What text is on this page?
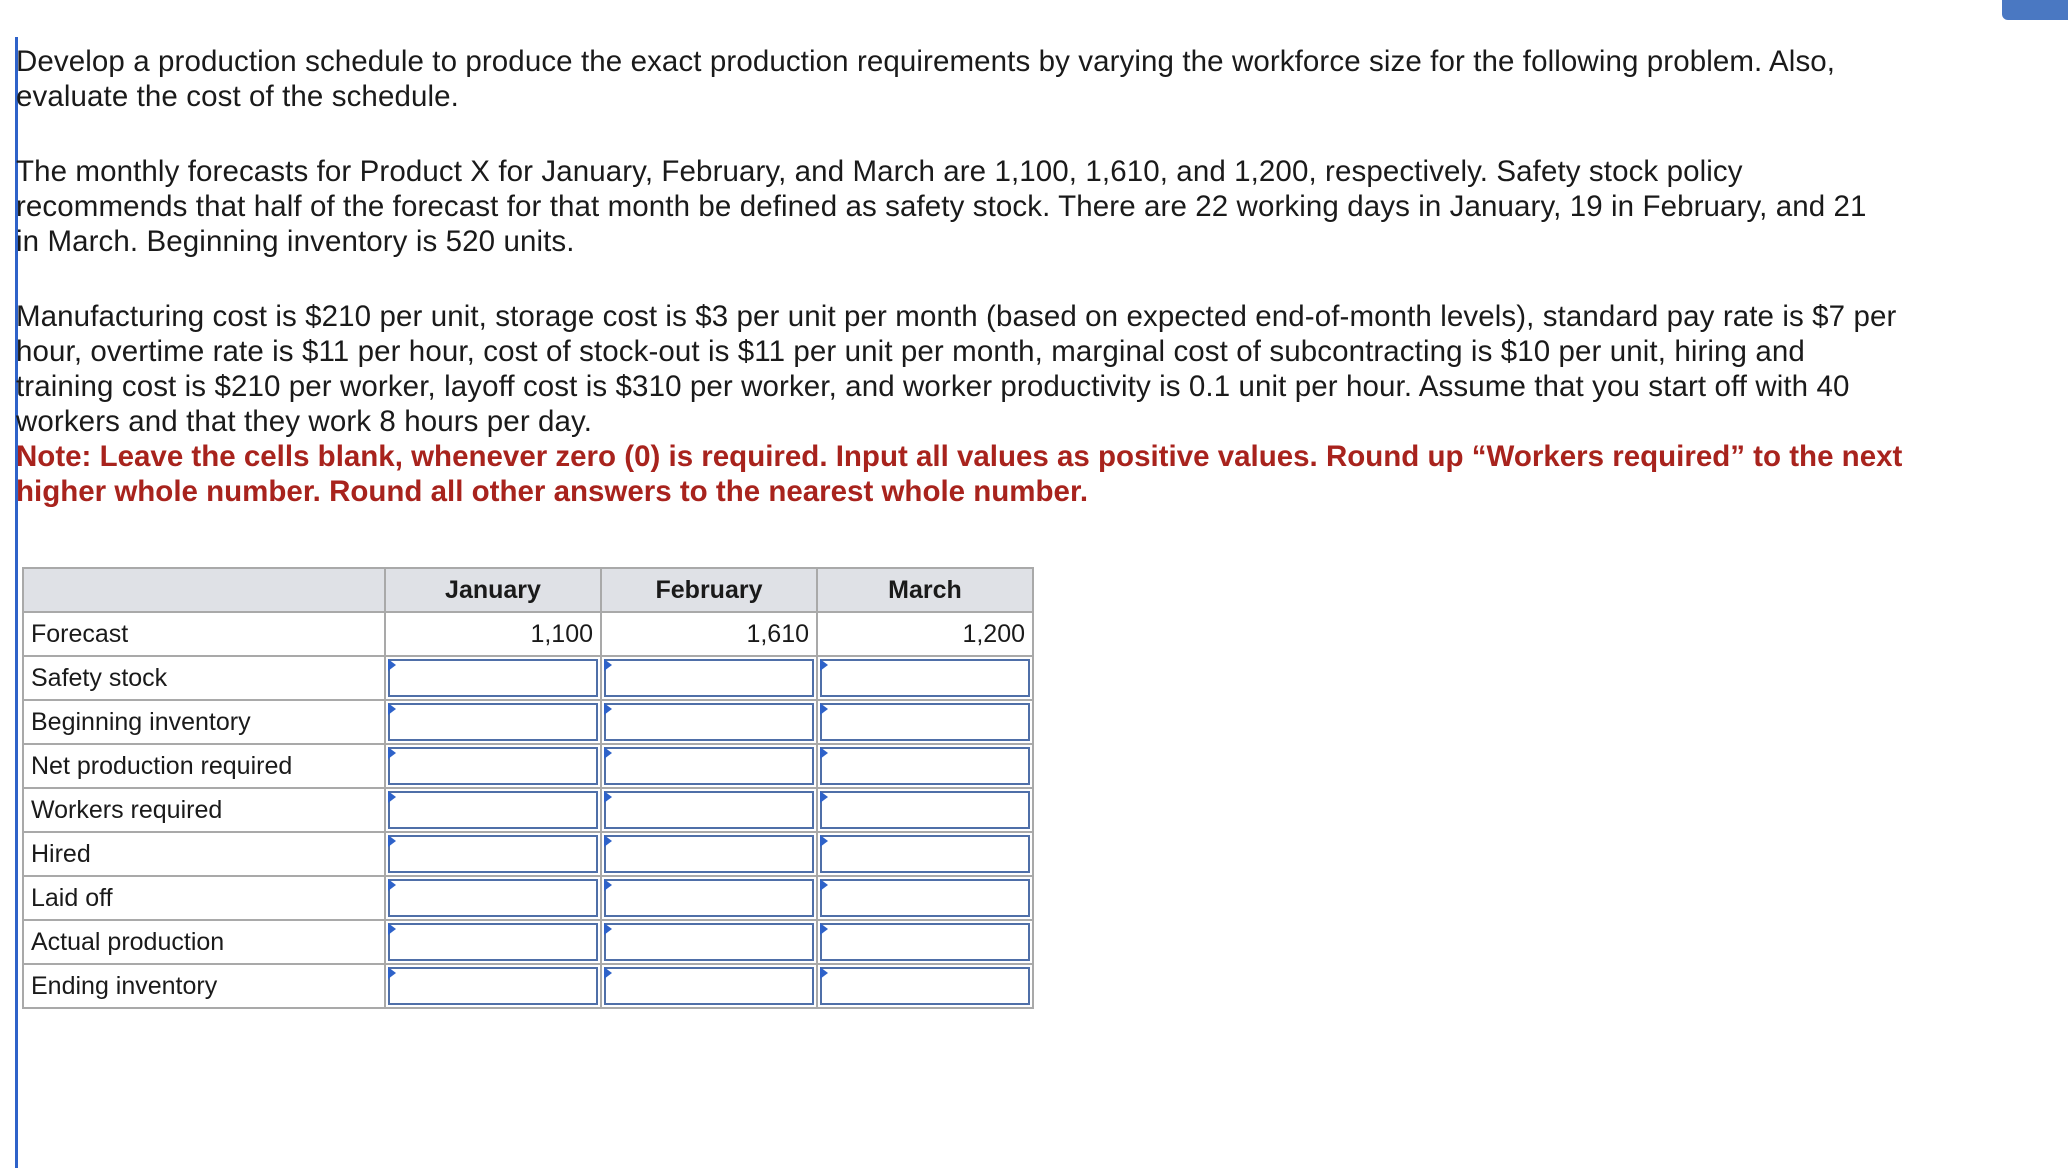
Develop a production schedule to produce the exact production requirements by varying the workforce size for the following problem. Also, evaluate the cost of the schedule.

The monthly forecasts for Product X for January, February, and March are 1,100, 1,610, and 1,200, respectively. Safety stock policy recommends that half of the forecast for that month be defined as safety stock. There are 22 working days in January, 19 in February, and 21 in March. Beginning inventory is 520 units.

Manufacturing cost is $210 per unit, storage cost is $3 per unit per month (based on expected end-of-month levels), standard pay rate is $7 per hour, overtime rate is $11 per hour, cost of stock-out is $11 per unit per month, marginal cost of subcontracting is $10 per unit, hiring and training cost is $210 per worker, layoff cost is $310 per worker, and worker productivity is 0.1 unit per hour. Assume that you start off with 40 workers and that they work 8 hours per day.

Note: Leave the cells blank, whenever zero (0) is required. Input all values as positive values. Round up “Workers required” to the next higher whole number. Round all other answers to the nearest whole number.

	January	February	March
Forecast	1,100	1,610	1,200
Safety stock	

Beginning inventory	

Net production required	

Workers required	

Hired	

Laid off	

Actual production	

Ending inventory	
